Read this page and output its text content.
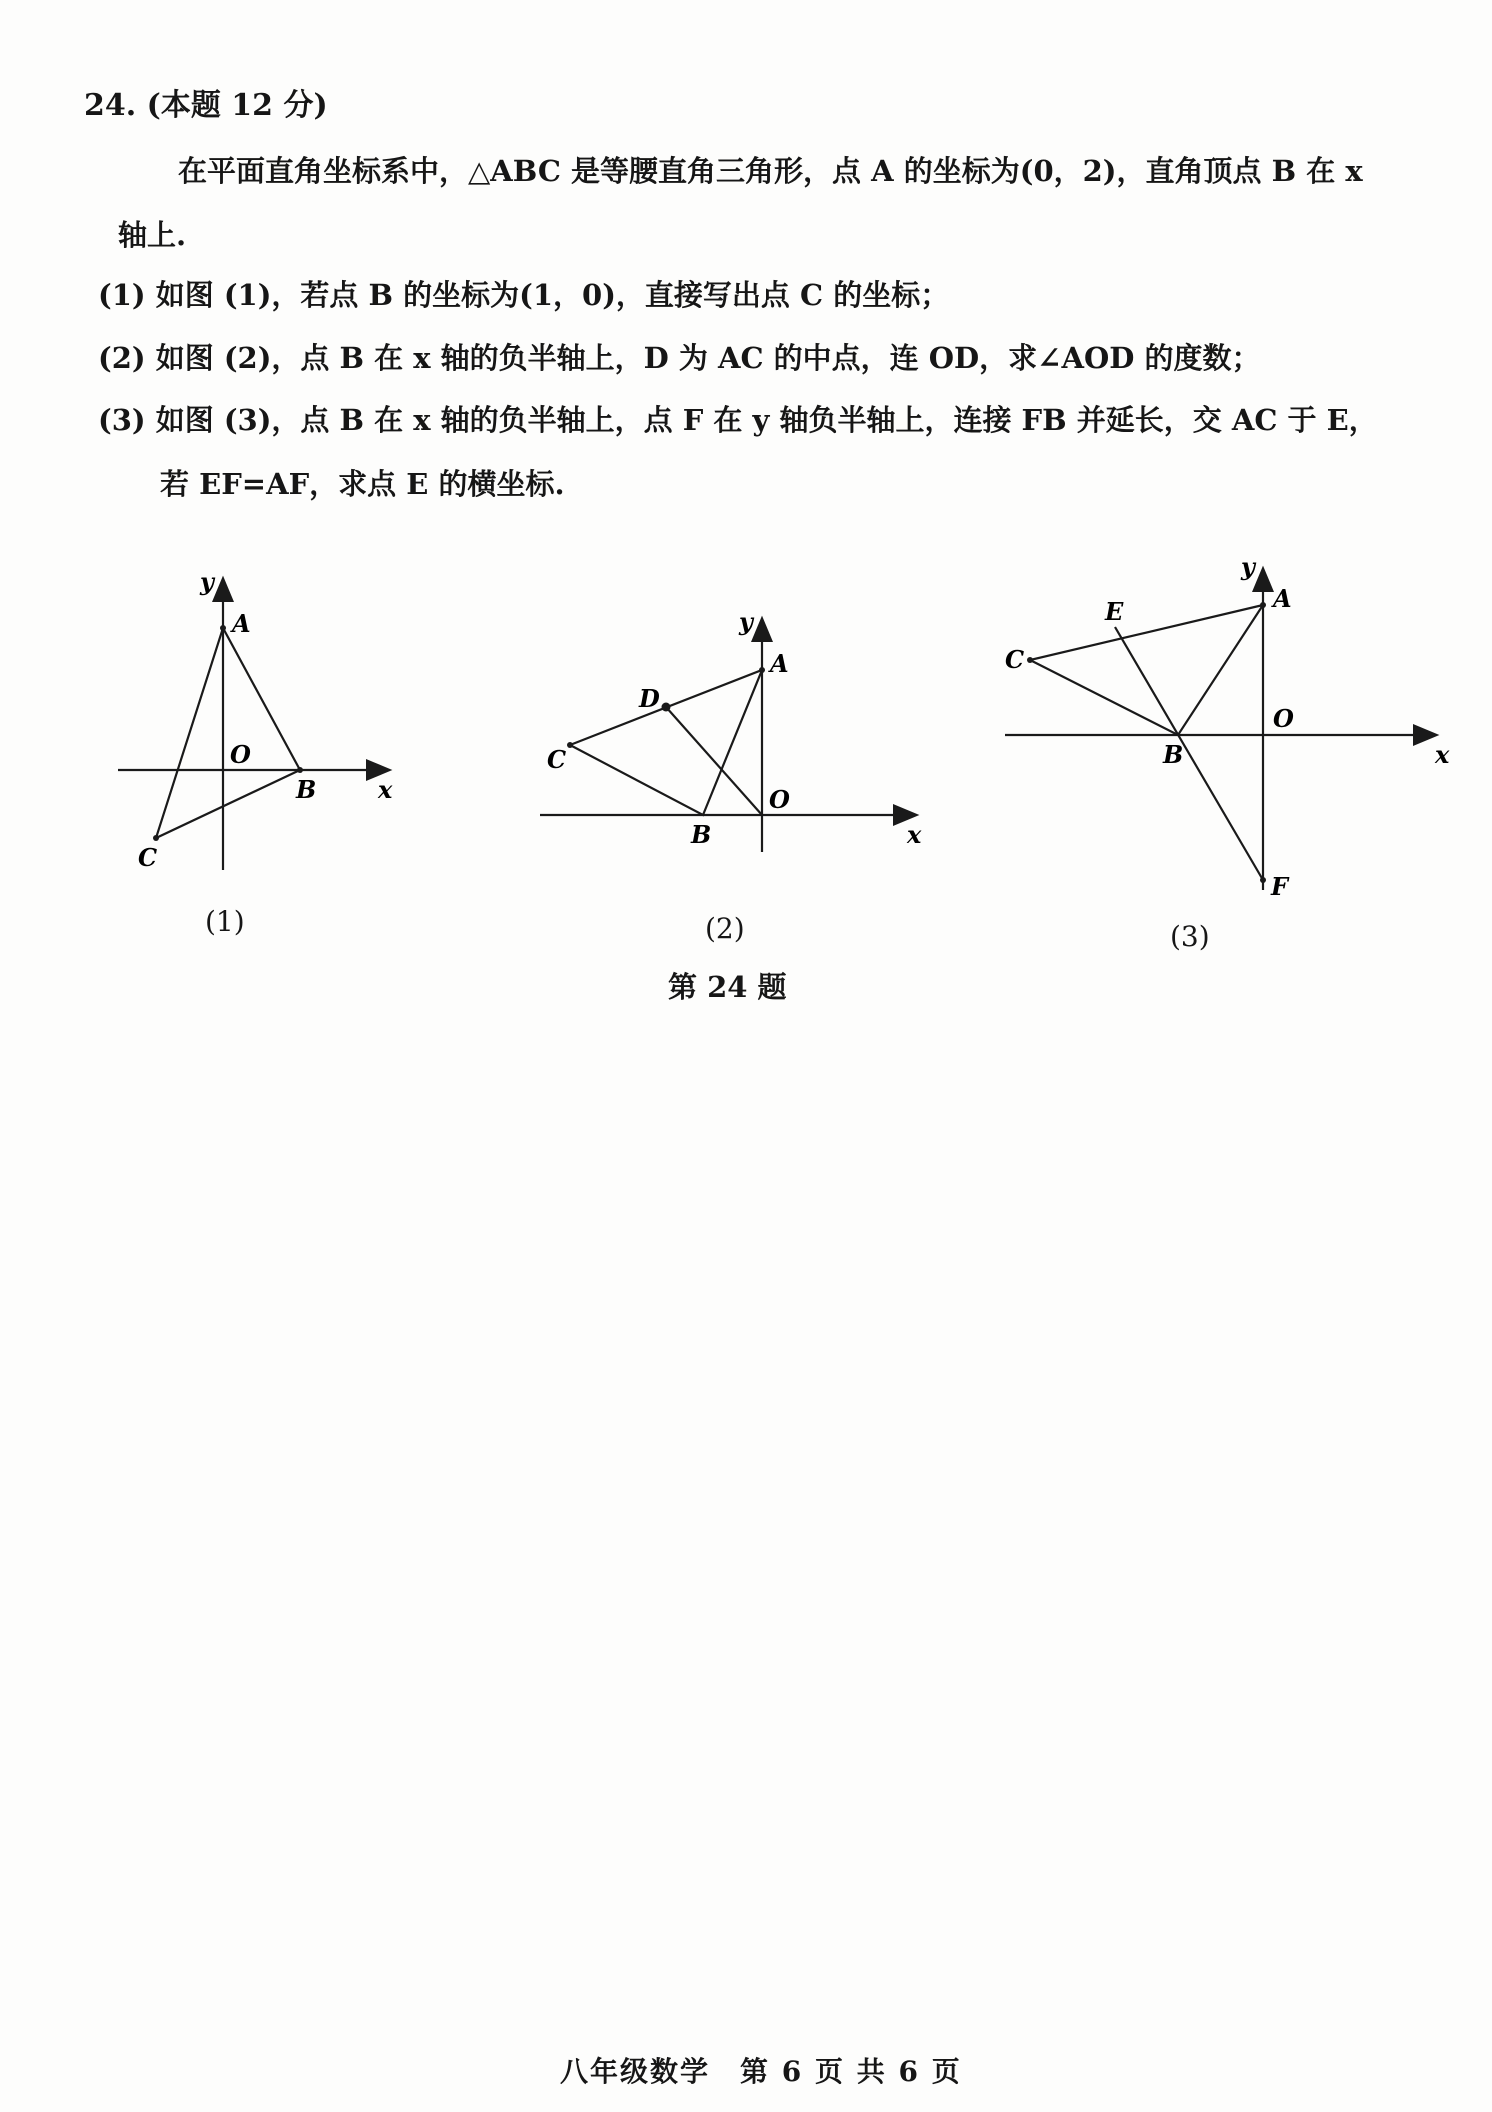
24. (本题 12 分)
在平面直角坐标系中，△ABC 是等腰直角三角形，点 A 的坐标为(0，2)，直角顶点 B 在 x
轴上.
(1) 如图 (1)，若点 B 的坐标为(1，0)，直接写出点 C 的坐标；
(2) 如图 (2)，点 B 在 x 轴的负半轴上，D 为 AC 的中点，连 OD，求∠AOD 的度数；
(3) 如图 (3)，点 B 在 x 轴的负半轴上，点 F 在 y 轴负半轴上，连接 FB 并延长，交 AC 于 E，
若 EF=AF，求点 E 的横坐标.
y
A
O
B	x
C
y
A
D
C
O
B	x
y
A
E
C
O
B	x
F
(1)	(2)	(3)
第 24 题
八年级数学　第 6 页 共 6 页
